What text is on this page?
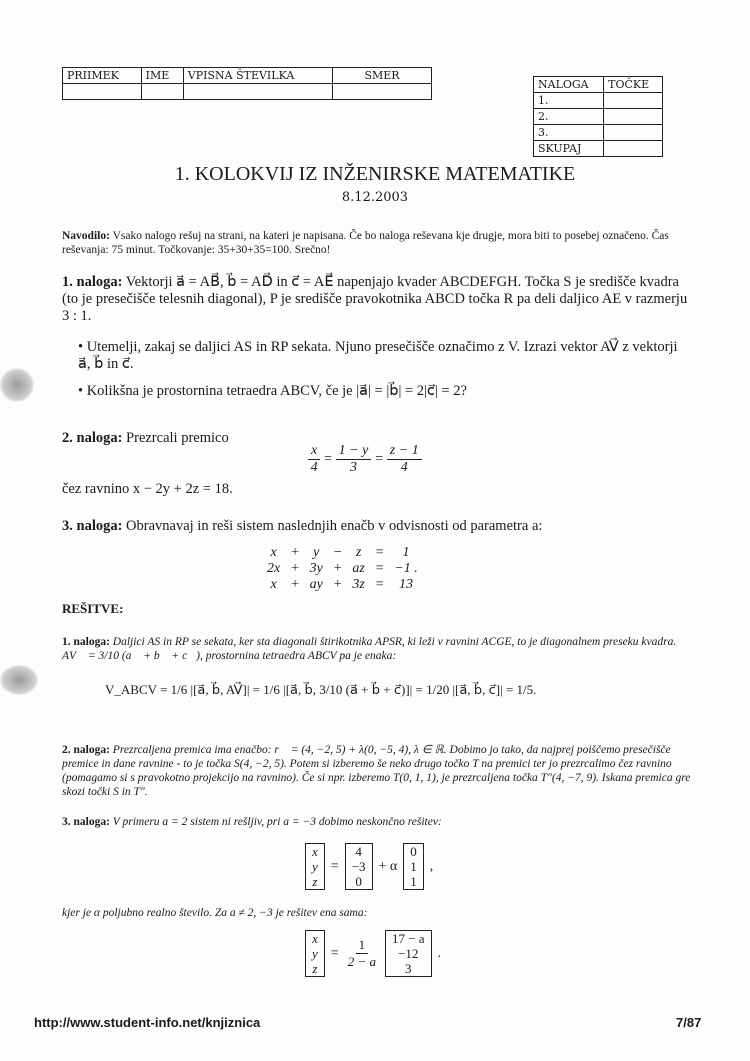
PRIIMEK	IME	VPISNA ŠTEVILKA	SMER

NALOGA	TOČKE
1.	
2.	
3.	
SKUPAJ	
1. KOLOKVIJ IZ INŽENIRSKE MATEMATIKE
8.12.2003
Navodilo: Vsako nalogo rešuj na strani, na kateri je napisana. Če bo naloga reševana kje drugje, mora biti to posebej označeno. Čas reševanja: 75 minut. Točkovanje: 35+30+35=100. Srečno!
1. naloga: Vektorji a⃗ = AB⃗, b⃗ = AD⃗ in c⃗ = AE⃗ napenjajo kvader ABCDEFGH. Točka S je središče kvadra (to je presečišče telesnih diagonal), P je središče pravokotnika ABCD točka R pa deli daljico AE v razmerju 3 : 1.
• Utemelji, zakaj se daljici AS in RP sekata. Njuno presečišče označimo z V. Izrazi vektor AV⃗ z vektorji a⃗, b⃗ in c⃗.
• Kolikšna je prostornina tetraedra ABCV, če je |a⃗| = |b⃗| = 2|c⃗| = 2?
2. naloga: Prezrcali premico
$\frac{x}{4} = \frac{1 - y}{3} = \frac{z - 1}{4}$
čez ravnino x − 2y + 2z = 18.
3. naloga: Obravnavaj in reši sistem naslednjih enačb v odvisnosti od parametra a:
x	+	y	−	z	=	1
2x	+	3y	+	az	=	−1 .
x	+	ay	+	3z	=	13
REŠITVE:
1. naloga: Daljici AS in RP se sekata, ker sta diagonali štirikotnika APSR, ki leži v ravnini ACGE, to je diagonalnem preseku kvadra. AV⃗ = 3/10 (a⃗ + b⃗ + c⃗), prostornina tetraedra ABCV pa je enaka:
V_ABCV = 1/6 |[a⃗, b⃗, AV⃗]| = 1/6 |[a⃗, b⃗, 3/10 (a⃗ + b⃗ + c⃗)]| = 1/20 |[a⃗, b⃗, c⃗]| = 1/5.
2. naloga: Prezrcaljena premica ima enačbo: r⃗ = (4, −2, 5) + λ(0, −5, 4), λ ∈ ℝ. Dobimo jo tako, da najprej poiščemo presečišče premice in dane ravnine - to je točka S(4, −2, 5). Potem si izberemo še neko drugo točko T na premici ter jo prezrcalimo čez ravnino (pomagamo si s pravokotno projekcijo na ravnino). Če si npr. izberemo T(0, 1, 1), je prezrcaljena točka T″(4, −7, 9). Iskana premica gre skozi točki S in T″.
3. naloga: V primeru a = 2 sistem ni rešljiv, pri a = −3 dobimo neskončno rešitev:
x
y
z
=
4
−3
0
+ α
0
1
1
,
kjer je α poljubno realno število. Za a ≠ 2, −3 je rešitev ena sama:
x
y
z
= $\frac{1}{2 - a} 17 - a$
−12
3
.
http://www.student-info.net/knjiznica	7/87
